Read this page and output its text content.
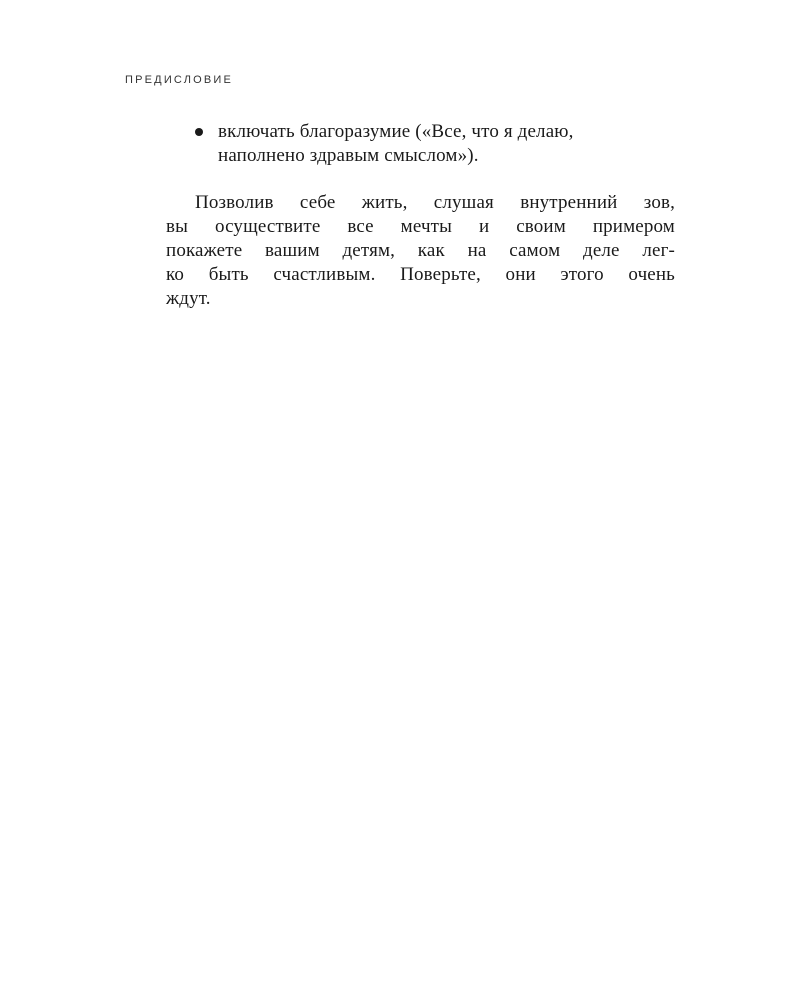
ПРЕДИСЛОВИЕ
включать благоразумие («Все, что я делаю,
наполнено здравым смыслом»).

Позволив себе жить, слушая внутренний зов,
вы осуществите все мечты и своим примером
покажете вашим детям, как на самом деле лег-
ко быть счастливым. Поверьте, они этого очень
ждут.
